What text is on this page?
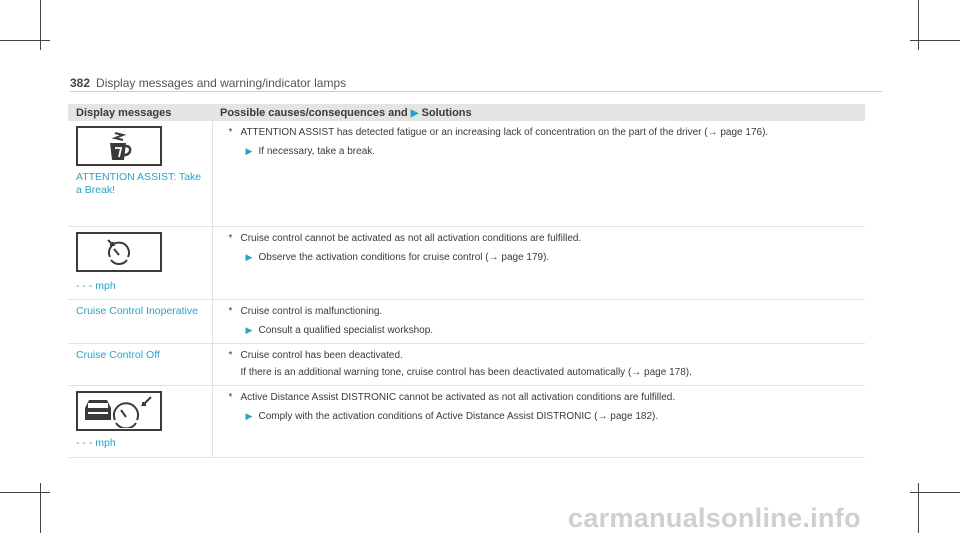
382 Display messages and warning/indicator lamps
Display messages	Possible causes/consequences and ▶ Solutions

ATTENTION ASSIST: Take a Break!	* ATTENTION ASSIST has detected fatigue or an increasing lack of concentration on the part of the driver (→ page 176).
▶ If necessary, take a break.

- - - mph	* Cruise control cannot be activated as not all activation conditions are fulfilled.
▶ Observe the activation conditions for cruise control (→ page 179).

Cruise Control Inoperative	* Cruise control is malfunctioning.
▶ Consult a qualified specialist workshop.

Cruise Control Off	* Cruise control has been deactivated.
If there is an additional warning tone, cruise control has been deactivated automatically (→ page 178).

- - - mph	* Active Distance Assist DISTRONIC cannot be activated as not all activation conditions are fulfilled.
▶ Comply with the activation conditions of Active Distance Assist DISTRONIC (→ page 182).
carmanualsonline.info
